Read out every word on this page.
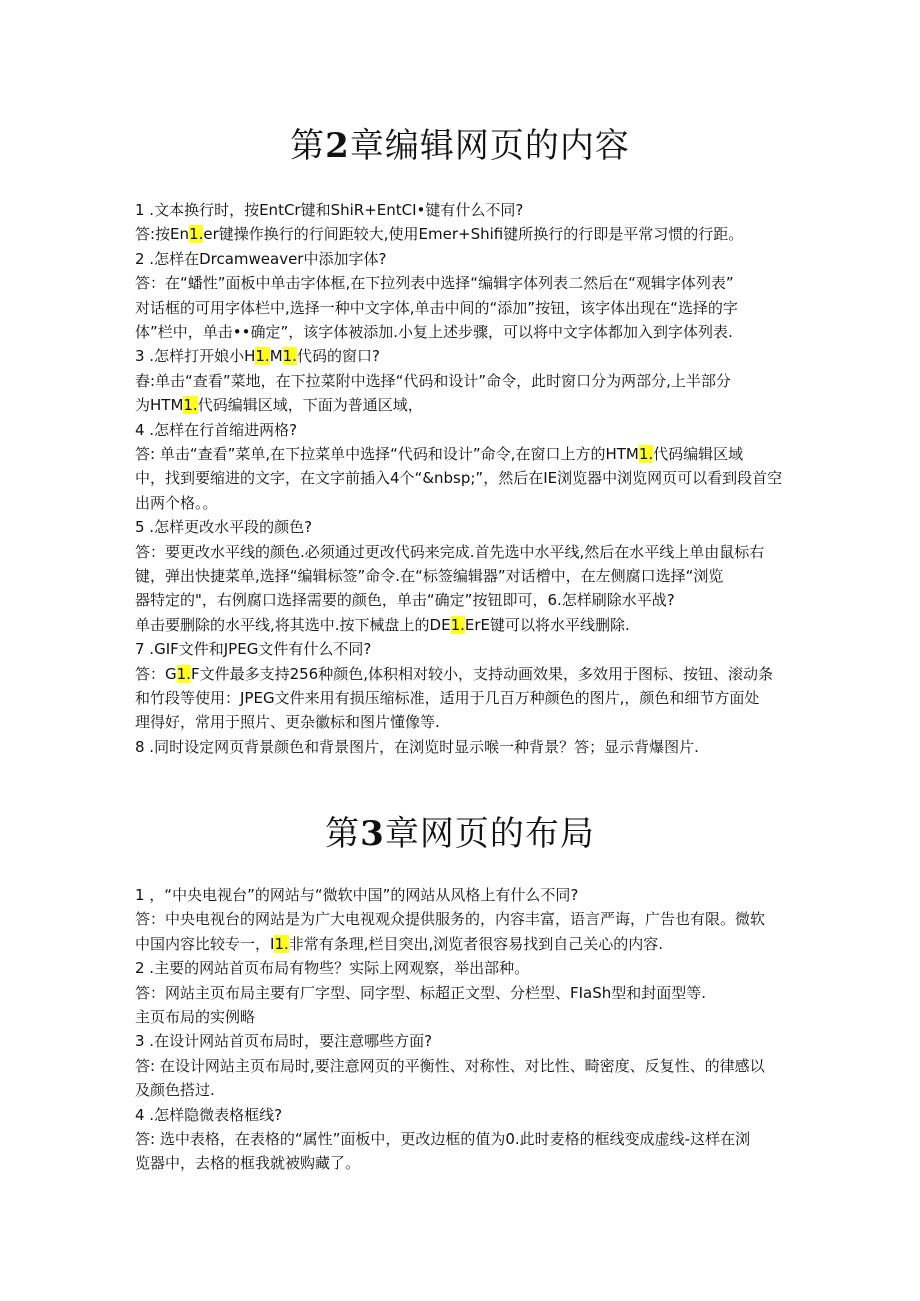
第2章编辑网页的内容
1 .文本换行时，按EntCr键和ShiR+EntCI•键有什么不同?
答:按En1.er键操作换行的行间距较大,使用Emer+Shifi键所换行的行即是平常习惯的行距。
2 .怎样在Drcamweaver中添加字体?
答：在“蟠性”面板中单击字体框,在下拉列表中选择“编辑字体列表二然后在“观辑字体列表”
对话框的可用字体栏中,选择一种中文字体,单击中间的“添加”按钮，该字体出现在“选择的字
体”栏中，单击••确定”，该字体被添加.小复上述步骤，可以将中文字体都加入到字体列表.
3 .怎样打开娘小H1.M1.代码的窗口?
舂:单击“查看”菜地，在下拉菜附中选择“代码和设计”命令，此时窗口分为两部分,上半部分
为HTM1.代码编辑区域，下面为普通区域，
4 .怎样在行首缩进两格?
答: 单击“查看”菜单,在下拉菜单中选择“代码和设计”命令,在窗口上方的HTM1.代码编辑区域
中，找到要缩进的文字，在文字前插入4个“&nbsp;”，然后在IE浏览器中浏览网页可以看到段首空
出两个格。。
5 .怎样更改水平段的颜色?
答：要更改水平线的颜色.必须通过更改代码来完成.首先选中水平线,然后在水平线上单由鼠标右
键，弹出快捷菜单,选择“编辑标签”命令.在“标签编辑器”对话橧中，在左侧腐口选择“浏览
器特定的"，右例腐口选择需要的颜色，单击“确定”按钮即可，6.怎样刷除水平战?
单击要删除的水平线,将其选中.按下械盘上的DE1.ErE键可以将水平线删除.
7 .GIF文件和JPEG文件有什么不同?
答：G1.F文件最多支持256种颜色,体积相对较小，支持动画效果，多效用于图标、按钮、滚动条
和竹段等使用：JPEG文件来用有损压缩标准，适用于几百万种颜色的图片,，颜色和细节方面处
理得好，常用于照片、更杂徽标和图片懂像等.
8 .同时设定网页背景颜色和背景图片，在浏览时显示喉一种背景？答；显示背爆图片.
第3章网页的布局
1 ，“中央电视台”的网站与“微软中国”的网站从风格上有什么不同?
答：中央电视台的网站是为广大电视观众提供服务的，内容丰富，语言严诲，广告也有限。微软
中国内容比较专一，I1.非常有条理,栏目突出,浏览者很容易找到自己关心的内容.
2 .主要的网站首页布局有物些？实际上网观察，举出部种。
答：网站主页布局主要有厂字型、同字型、标超正文型、分栏型、FIaSh型和封面型等.
主页布局的实例略
3 .在设计网站首页布局时，要注意哪些方面?
答: 在设计网站主页布局时,要注意网页的平衡性、对称性、对比性、畸密度、反复性、的律感以
及颜色搭过.
4 .怎样隐微表格框线?
答: 选中表格，在表格的“属性”面板中，更改边框的值为0.此时麦格的框线变成虚线-这样在浏
览器中，去格的框我就被购藏了。
